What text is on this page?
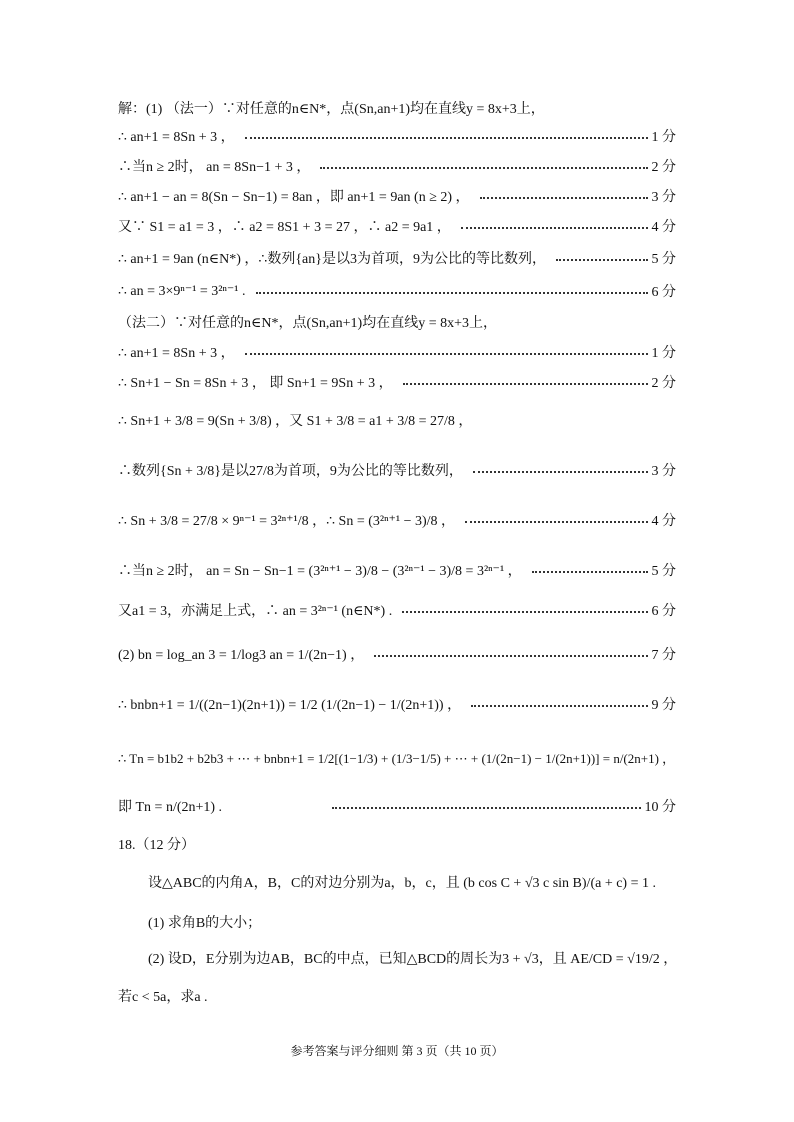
解：(1) （法一）∵对任意的n∈N*，点(Sn,an+1)均在直线y = 8x+3上，
∴ an+1 = 8Sn + 3 ，	1 分
∴当n ≥ 2时， an = 8Sn−1 + 3 ，	2 分
∴ an+1 − an = 8(Sn − Sn−1) = 8an ，即 an+1 = 9an (n ≥ 2) ，	3 分
又∵ S1 = a1 = 3 ，∴ a2 = 8S1 + 3 = 27 ，∴ a2 = 9a1 ，	4 分
∴ an+1 = 9an (n∈N*) ，∴数列{an}是以3为首项，9为公比的等比数列，	5 分
∴ an = 3×9ⁿ⁻¹ = 3²ⁿ⁻¹ .	6 分
（法二）∵对任意的n∈N*，点(Sn,an+1)均在直线y = 8x+3上，
∴ an+1 = 8Sn + 3 ，	1 分
∴ Sn+1 − Sn = 8Sn + 3 ， 即 Sn+1 = 9Sn + 3 ，	2 分
∴ Sn+1 + 3/8 = 9(Sn + 3/8) ，又 S1 + 3/8 = a1 + 3/8 = 27/8 ，
∴数列{Sn + 3/8}是以27/8为首项，9为公比的等比数列，	3 分
∴ Sn + 3/8 = 27/8 × 9ⁿ⁻¹ = 3²ⁿ⁺¹/8 ，∴ Sn = (3²ⁿ⁺¹ − 3)/8 ，	4 分
∴当n ≥ 2时， an = Sn − Sn−1 = (3²ⁿ⁺¹ − 3)/8 − (3²ⁿ⁻¹ − 3)/8 = 3²ⁿ⁻¹ ，	5 分
又a1 = 3，亦满足上式，∴ an = 3²ⁿ⁻¹ (n∈N*) .	6 分
(2) bn = log_an 3 = 1/log3 an = 1/(2n−1) ，	7 分
∴ bnbn+1 = 1/((2n−1)(2n+1)) = 1/2 (1/(2n−1) − 1/(2n+1)) ，	9 分
∴ Tn = b1b2 + b2b3 + ⋯ + bnbn+1 = 1/2[(1−1/3) + (1/3−1/5) + ⋯ + (1/(2n−1) − 1/(2n+1))] = n/(2n+1) ，
即 Tn = n/(2n+1) .	10 分
18.（12 分）
设△ABC的内角A，B，C的对边分别为a，b，c，且 (b cos C + √3 c sin B)/(a + c) = 1 .
(1) 求角B的大小；
(2) 设D，E分别为边AB，BC的中点，已知△BCD的周长为3 + √3，且 AE/CD = √19/2 ，
若c < 5a，求a .
参考答案与评分细则 第 3 页（共 10 页）
